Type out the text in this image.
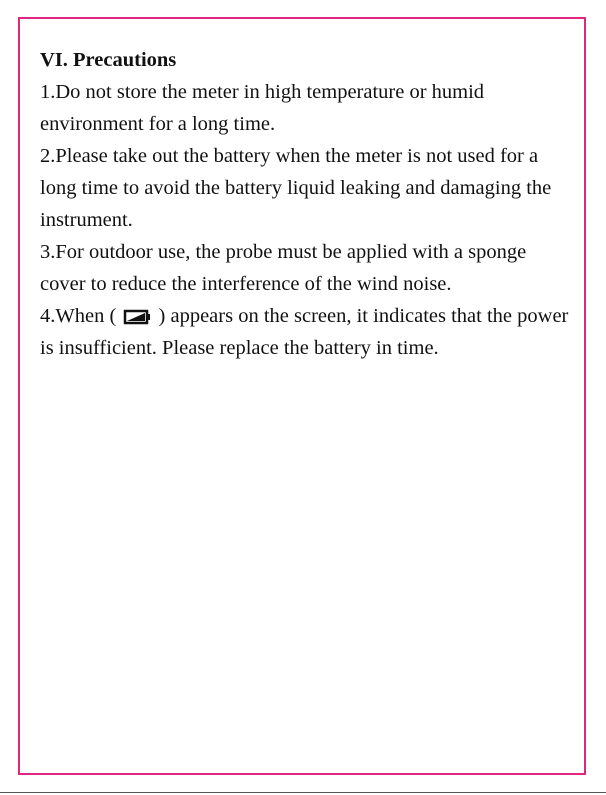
VI. Precautions

1.Do not store the meter in high temperature or humid environment for a long time.

2.Please take out the battery when the meter is not used for a long time to avoid the battery liquid leaking and damaging the instrument.

3.For outdoor use, the probe must be applied with a sponge cover to reduce the interference of the wind noise.

4.When ( ) appears on the screen, it indicates that the power is insufficient. Please replace the battery in time.
